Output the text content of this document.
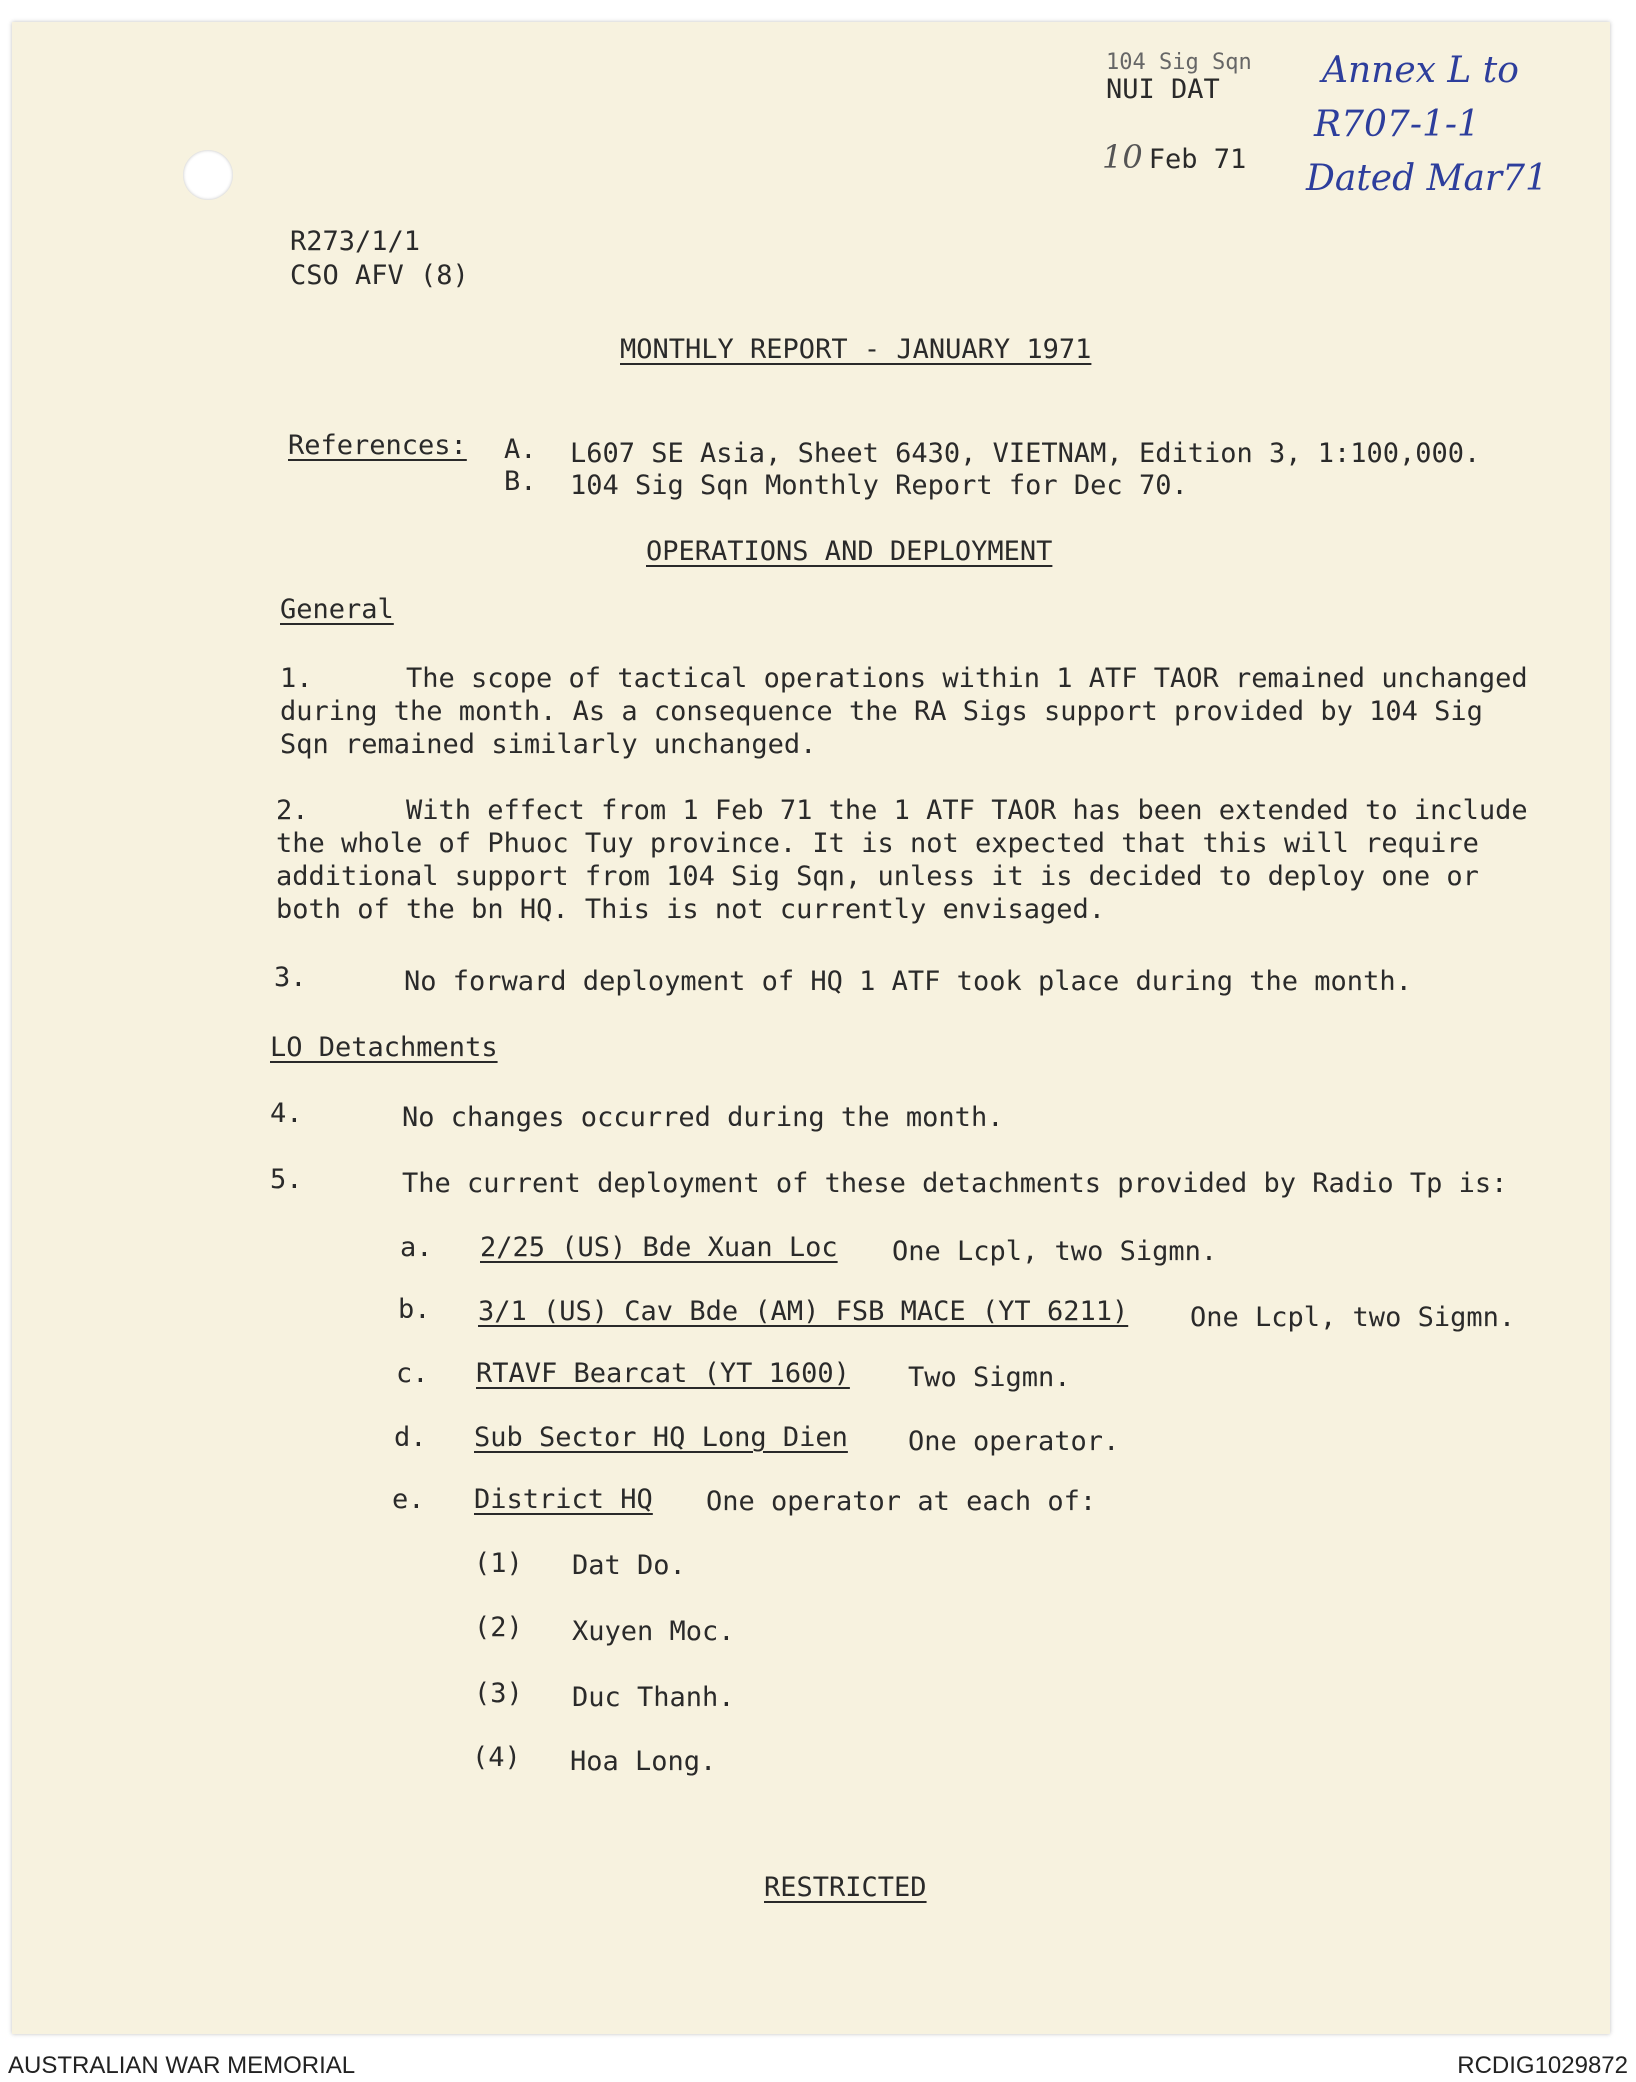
104 Sig Sqn
NUI DAT
10 Feb 71
Annex L to
R707-1-1
Dated Mar71
R273/1/1
CSO AFV (8)
MONTHLY REPORT - JANUARY 1971
References: A. L607 SE Asia, Sheet 6430, VIETNAM, Edition 3, 1:100,000.
B. 104 Sig Sqn Monthly Report for Dec 70.
OPERATIONS AND DEPLOYMENT
General
1.	The scope of tactical operations within 1 ATF TAOR remained unchanged
during the month. As a consequence the RA Sigs support provided by 104 Sig
Sqn remained similarly unchanged.
2.	With effect from 1 Feb 71 the 1 ATF TAOR has been extended to include
the whole of Phuoc Tuy province. It is not expected that this will require
additional support from 104 Sig Sqn, unless it is decided to deploy one or
both of the bn HQ. This is not currently envisaged.
3.	No forward deployment of HQ 1 ATF took place during the month.
LO Detachments
4.	No changes occurred during the month.
5.	The current deployment of these detachments provided by Radio Tp is:
a. 2/25 (US) Bde Xuan Loc One Lcpl, two Sigmn.
b. 3/1 (US) Cav Bde (AM) FSB MACE (YT 6211) One Lcpl, two Sigmn.
c. RTAVF Bearcat (YT 1600) Two Sigmn.
d. Sub Sector HQ Long Dien One operator.
e. District HQ One operator at each of:
(1) Dat Do.
(2) Xuyen Moc.
(3) Duc Thanh.
(4) Hoa Long.
RESTRICTED
AUSTRALIAN WAR MEMORIAL	RCDIG1029872
